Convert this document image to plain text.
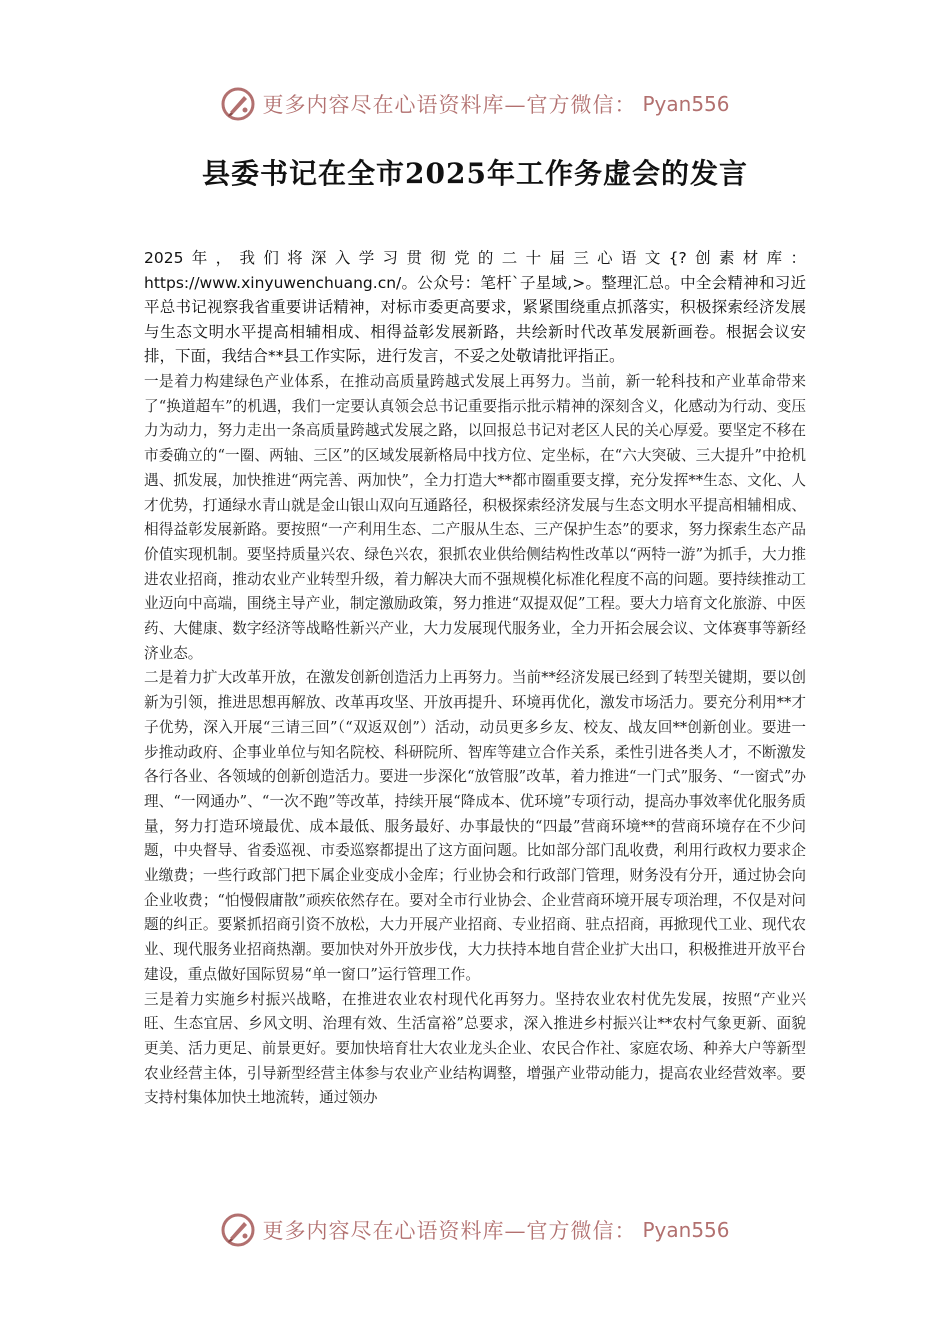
更多内容尽在心语资料库—官方微信： Pyan556
县委书记在全市2025年工作务虚会的发言

2025年，我们将深入学习贯彻党的二十届三心语文{?创素材库：https://www.xinyuwenchuang.cn/。公众号：笔杆`子星域,>。整理汇总。中全会精神和习近平总书记视察我省重要讲话精神，对标市委更高要求，紧紧围绕重点抓落实，积极探索经济发展与生态文明水平提高相辅相成、相得益彰发展新路，共绘新时代改革发展新画卷。根据会议安排，下面，我结合**县工作实际，进行发言，不妥之处敬请批评指正。

一是着力构建绿色产业体系，在推动高质量跨越式发展上再努力。当前，新一轮科技和产业革命带来了“换道超车”的机遇，我们一定要认真领会总书记重要指示批示精神的深刻含义，化感动为行动、变压力为动力，努力走出一条高质量跨越式发展之路，以回报总书记对老区人民的关心厚爱。要坚定不移在市委确立的“一圈、两轴、三区”的区域发展新格局中找方位、定坐标，在“六大突破、三大提升”中抢机遇、抓发展，加快推进“两完善、两加快”，全力打造大**都市圈重要支撑，充分发挥**生态、文化、人才优势，打通绿水青山就是金山银山双向互通路径，积极探索经济发展与生态文明水平提高相辅相成、相得益彰发展新路。要按照“一产利用生态、二产服从生态、三产保护生态”的要求，努力探索生态产品价值实现机制。要坚持质量兴农、绿色兴农，狠抓农业供给侧结构性改革以“两特一游”为抓手，大力推进农业招商，推动农业产业转型升级，着力解决大而不强规模化标准化程度不高的问题。要持续推动工业迈向中高端，围绕主导产业，制定激励政策，努力推进“双提双促”工程。要大力培育文化旅游、中医药、大健康、数字经济等战略性新兴产业，大力发展现代服务业，全力开拓会展会议、文体赛事等新经济业态。

二是着力扩大改革开放，在激发创新创造活力上再努力。当前**经济发展已经到了转型关键期，要以创新为引领，推进思想再解放、改革再攻坚、开放再提升、环境再优化，激发市场活力。要充分利用**才子优势，深入开展“三请三回”（“双返双创”）活动，动员更多乡友、校友、战友回**创新创业。要进一步推动政府、企事业单位与知名院校、科研院所、智库等建立合作关系，柔性引进各类人才，不断激发各行各业、各领域的创新创造活力。要进一步深化“放管服”改革，着力推进“一门式”服务、“一窗式”办理、“一网通办”、“一次不跑”等改革，持续开展“降成本、优环境”专项行动，提高办事效率优化服务质量，努力打造环境最优、成本最低、服务最好、办事最快的“四最”营商环境**的营商环境存在不少问题，中央督导、省委巡视、市委巡察都提出了这方面问题。比如部分部门乱收费，利用行政权力要求企业缴费；一些行政部门把下属企业变成小金库；行业协会和行政部门管理，财务没有分开，通过协会向企业收费；“怕慢假庸散”顽疾依然存在。要对全市行业协会、企业营商环境开展专项治理，不仅是对问题的纠正。要紧抓招商引资不放松，大力开展产业招商、专业招商、驻点招商，再掀现代工业、现代农业、现代服务业招商热潮。要加快对外开放步伐，大力扶持本地自营企业扩大出口，积极推进开放平台建设，重点做好国际贸易“单一窗口”运行管理工作。

三是着力实施乡村振兴战略，在推进农业农村现代化再努力。坚持农业农村优先发展，按照“产业兴旺、生态宜居、乡风文明、治理有效、生活富裕”总要求，深入推进乡村振兴让**农村气象更新、面貌更美、活力更足、前景更好。要加快培育壮大农业龙头企业、农民合作社、家庭农场、种养大户等新型农业经营主体，引导新型经营主体参与农业产业结构调整，增强产业带动能力，提高农业经营效率。要支持村集体加快土地流转，通过领办

更多内容尽在心语资料库—官方微信： Pyan556
